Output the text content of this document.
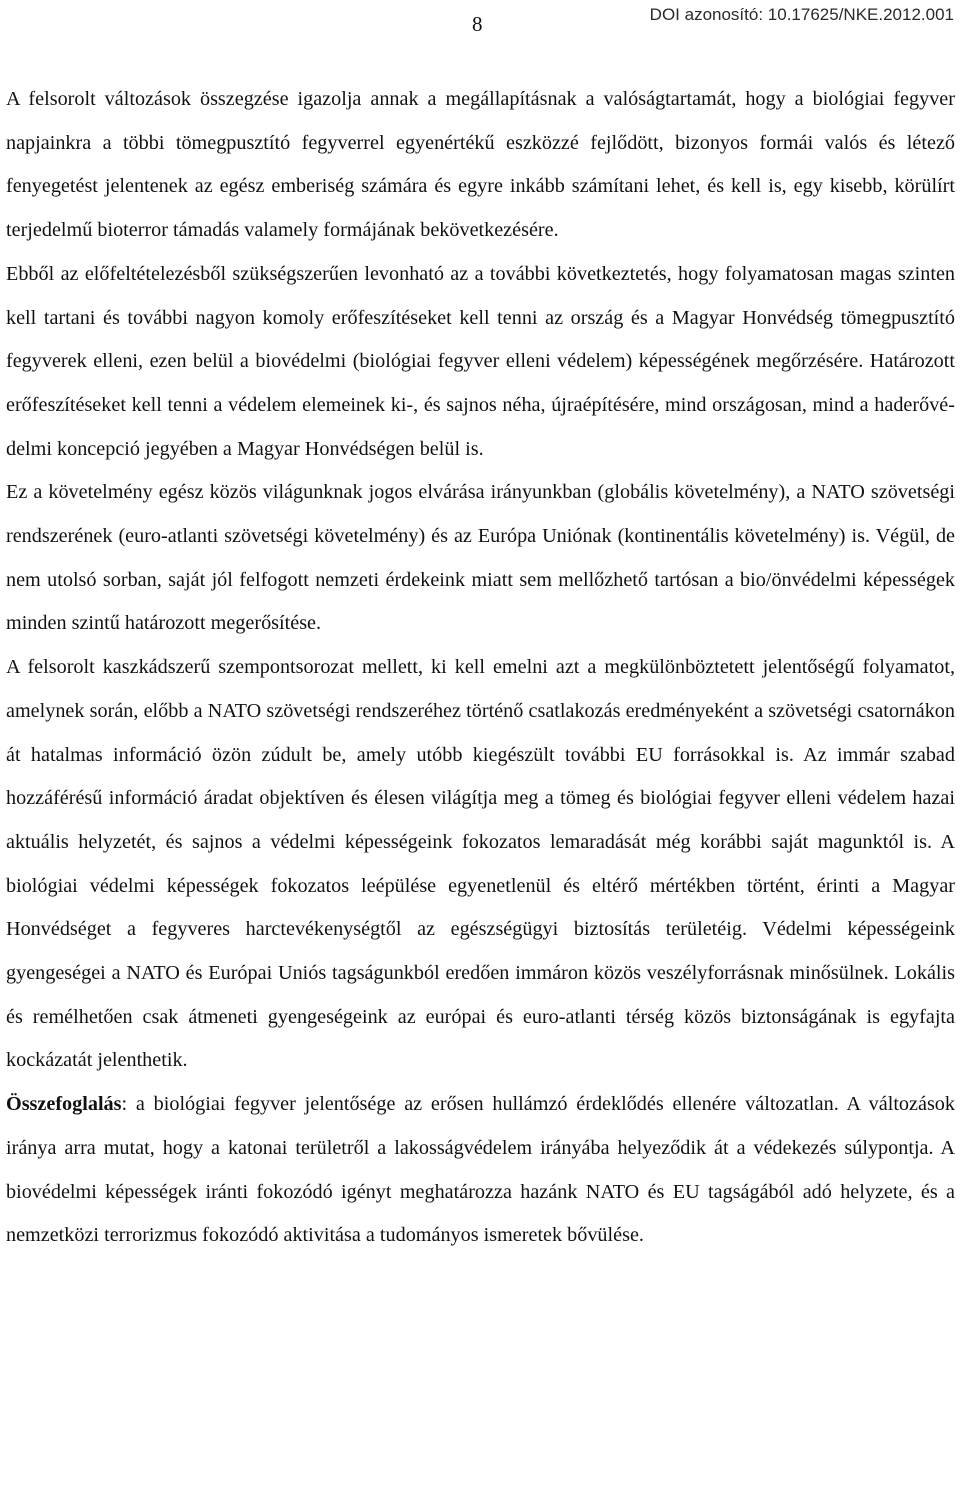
8	DOI azonosító: 10.17625/NKE.2012.001

A felsorolt változások összegzése igazolja annak a megállapításnak a valóságtartamát, hogy a biológiai fegyver napjainkra a többi tömegpusztító fegyverrel egyenértékű eszközzé fejlődött, bizonyos formái valós és létező fenyegetést jelentenek az egész emberiség számára és egyre inkább számítani lehet, és kell is, egy kisebb, körülírt terjedelmű bioterror támadás valamely formájának bekövetkezésére.

Ebből az előfeltételezésből szükségszerűen levonható az a további következtetés, hogy folyamatosan magas szinten kell tartani és további nagyon komoly erőfeszítéseket kell tenni az ország és a Magyar Honvédség tömegpusztító fegyverek elleni, ezen belül a biovédelmi (biológiai fegyver elleni védelem) képességének megőrzésére. Határozott erőfeszítéseket kell tenni a védelem elemeinek ki-, és sajnos néha, újraépítésére, mind országosan, mind a haderővédelmi koncepció jegyében a Magyar Honvédségen belül is.

Ez a követelmény egész közös világunknak jogos elvárása irányunkban (globális követelmény), a NATO szövetségi rendszerének (euro-atlanti szövetségi követelmény) és az Európa Uniónak (kontinentális követelmény) is. Végül, de nem utolsó sorban, saját jól felfogott nemzeti érdekeink miatt sem mellőzhető tartósan a bio/önvédelmi képességek minden szintű határozott megerősítése.

A felsorolt kaszkádszerű szempontsorozat mellett, ki kell emelni azt a megkülönböztetett jelentőségű folyamatot, amelynek során, előbb a NATO szövetségi rendszeréhez történő csatlakozás eredményeként a szövetségi csatornákon át hatalmas információ özön zúdult be, amely utóbb kiegészült további EU forrásokkal is. Az immár szabad hozzáférésű információ áradat objektíven és élesen világítja meg a tömeg és biológiai fegyver elleni védelem hazai aktuális helyzetét, és sajnos a védelmi képességeink fokozatos lemaradását még korábbi saját magunktól is. A biológiai védelmi képességek fokozatos leépülése egyenetlenül és eltérő mértékben történt, érinti a Magyar Honvédséget a fegyveres harctevékenységtől az egészségügyi biztosítás területéig. Védelmi képességeink gyengeségei a NATO és Európai Uniós tagságunkból eredően immáron közös veszélyforrásnak minősülnek. Lokális és remélhetően csak átmeneti gyengeségeink az európai és euro-atlanti térség közös biztonságának is egyfajta kockázatát jelenthetik.

Összefoglalás: a biológiai fegyver jelentősége az erősen hullámzó érdeklődés ellenére változatlan. A változások iránya arra mutat, hogy a katonai területről a lakosságvédelem irányába helyeződik át a védekezés súlypontja. A biovédelmi képességek iránti fokozódó igényt meghatározza hazánk NATO és EU tagságából adó helyzete, és a nemzetközi terrorizmus fokozódó aktivitása a tudományos ismeretek bővülése.
